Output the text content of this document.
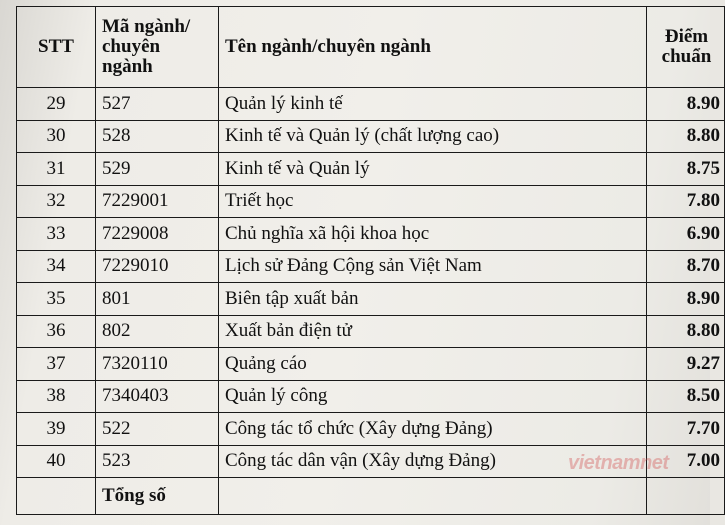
STT	Mã ngành/ chuyên ngành	Tên ngành/chuyên ngành	Điểm chuẩn
29	527	Quản lý kinh tế	8.90
30	528	Kinh tế và Quản lý (chất lượng cao)	8.80
31	529	Kinh tế và Quản lý	8.75
32	7229001	Triết học	7.80
33	7229008	Chủ nghĩa xã hội khoa học	6.90
34	7229010	Lịch sử Đảng Cộng sản Việt Nam	8.70
35	801	Biên tập xuất bản	8.90
36	802	Xuất bản điện tử	8.80
37	7320110	Quảng cáo	9.27
38	7340403	Quản lý công	8.50
39	522	Công tác tổ chức (Xây dựng Đảng)	7.70
40	523	Công tác dân vận (Xây dựng Đảng)	7.00
	Tổng số		
vietnamnet
